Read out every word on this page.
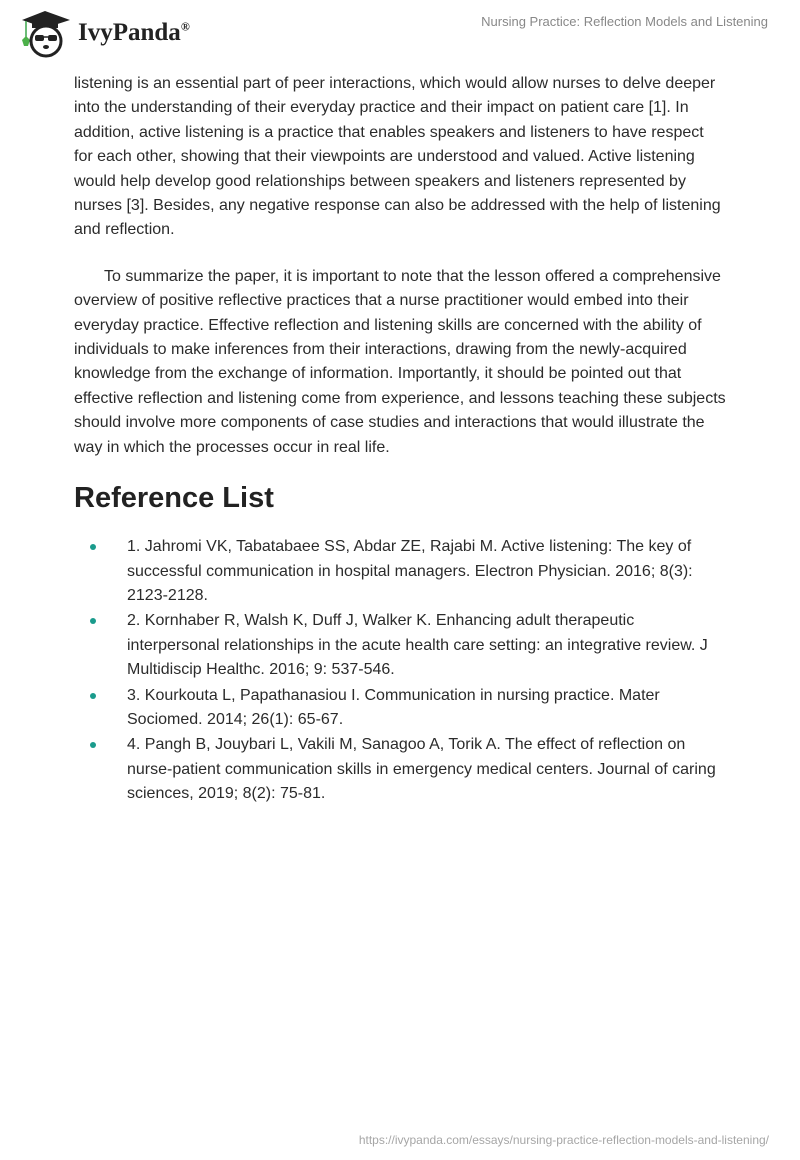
IvyPanda®	Nursing Practice: Reflection Models and Listening

listening is an essential part of peer interactions, which would allow nurses to delve deeper into the understanding of their everyday practice and their impact on patient care [1]. In addition, active listening is a practice that enables speakers and listeners to have respect for each other, showing that their viewpoints are understood and valued. Active listening would help develop good relationships between speakers and listeners represented by nurses [3]. Besides, any negative response can also be addressed with the help of listening and reflection.

To summarize the paper, it is important to note that the lesson offered a comprehensive overview of positive reflective practices that a nurse practitioner would embed into their everyday practice. Effective reflection and listening skills are concerned with the ability of individuals to make inferences from their interactions, drawing from the newly-acquired knowledge from the exchange of information. Importantly, it should be pointed out that effective reflection and listening come from experience, and lessons teaching these subjects should involve more components of case studies and interactions that would illustrate the way in which the processes occur in real life.

Reference List
1. Jahromi VK, Tabatabaee SS, Abdar ZE, Rajabi M. Active listening: The key of successful communication in hospital managers. Electron Physician. 2016; 8(3): 2123-2128.
2. Kornhaber R, Walsh K, Duff J, Walker K. Enhancing adult therapeutic interpersonal relationships in the acute health care setting: an integrative review. J Multidiscip Healthc. 2016; 9: 537-546.
3. Kourkouta L, Papathanasiou I. Communication in nursing practice. Mater Sociomed. 2014; 26(1): 65-67.
4. Pangh B, Jouybari L, Vakili M, Sanagoo A, Torik A. The effect of reflection on nurse-patient communication skills in emergency medical centers. Journal of caring sciences, 2019; 8(2): 75-81.
https://ivypanda.com/essays/nursing-practice-reflection-models-and-listening/
